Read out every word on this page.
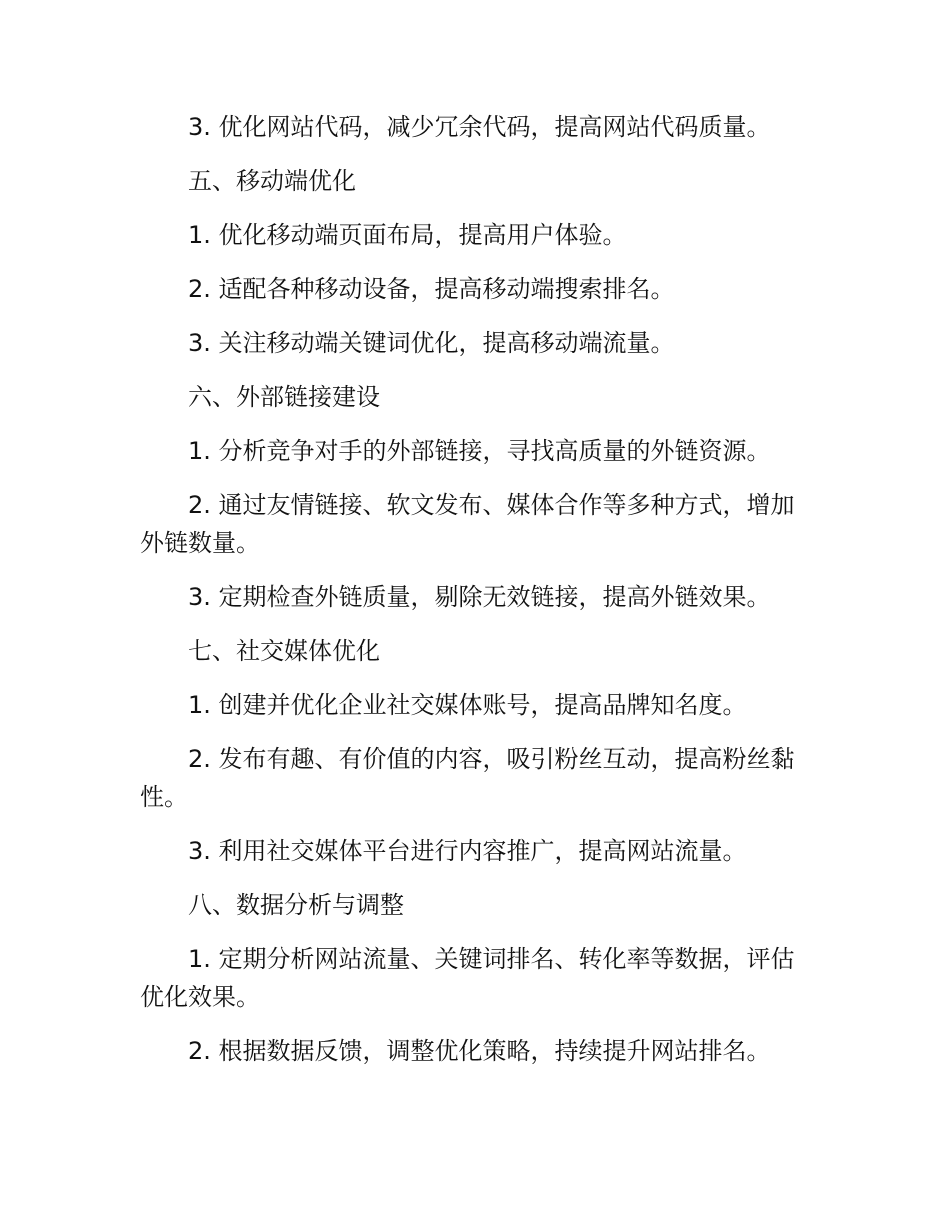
3. 优化网站代码，减少冗余代码，提高网站代码质量。

五、移动端优化

1. 优化移动端页面布局，提高用户体验。

2. 适配各种移动设备，提高移动端搜索排名。

3. 关注移动端关键词优化，提高移动端流量。

六、外部链接建设

1. 分析竞争对手的外部链接，寻找高质量的外链资源。

2. 通过友情链接、软文发布、媒体合作等多种方式，增加外链数量。

3. 定期检查外链质量，剔除无效链接，提高外链效果。

七、社交媒体优化

1. 创建并优化企业社交媒体账号，提高品牌知名度。

2. 发布有趣、有价值的内容，吸引粉丝互动，提高粉丝黏性。

3. 利用社交媒体平台进行内容推广，提高网站流量。

八、数据分析与调整

1. 定期分析网站流量、关键词排名、转化率等数据，评估优化效果。

2. 根据数据反馈，调整优化策略，持续提升网站排名。
